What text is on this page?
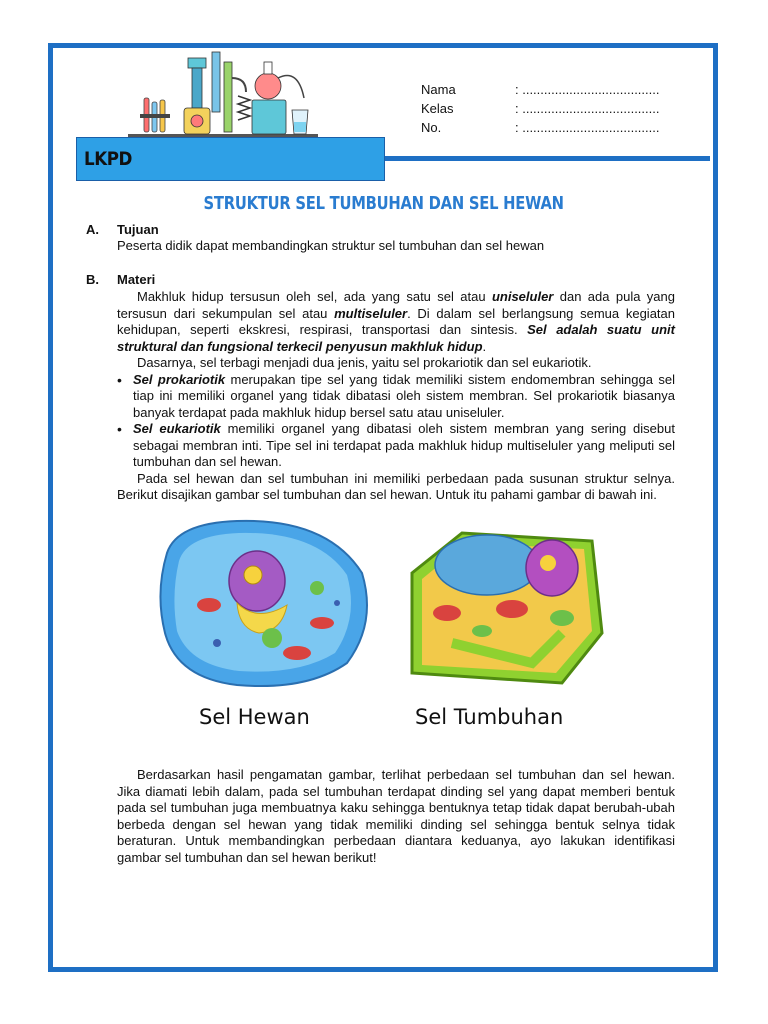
Nama	: ......................................
Kelas	: ......................................
No.	: ......................................
LKPD
STRUKTUR SEL TUMBUHAN DAN SEL HEWAN
A.	Tujuan

Peserta didik dapat membandingkan struktur sel tumbuhan dan sel hewan

B.	Materi

Makhluk hidup tersusun oleh sel, ada yang satu sel atau uniseluler dan ada pula yang tersusun dari sekumpulan sel atau multiseluler. Di dalam sel berlangsung semua kegiatan kehidupan, seperti ekskresi, respirasi, transportasi dan sintesis. Sel adalah suatu unit struktural dan fungsional terkecil penyusun makhluk hidup.

Dasarnya, sel terbagi menjadi dua jenis, yaitu sel prokariotik dan sel eukariotik.

• Sel prokariotik merupakan tipe sel yang tidak memiliki sistem endomembran sehingga sel tiap ini memiliki organel yang tidak dibatasi oleh sistem membran. Sel prokariotik biasanya banyak terdapat pada makhluk hidup bersel satu atau uniseluler.
• Sel eukariotik memiliki organel yang dibatasi oleh sistem membran yang sering disebut sebagai membran inti. Tipe sel ini terdapat pada makhluk hidup multiseluler yang meliputi sel tumbuhan dan sel hewan.

Pada sel hewan dan sel tumbuhan ini memiliki perbedaan pada susunan struktur selnya. Berikut disajikan gambar sel tumbuhan dan sel hewan. Untuk itu pahami gambar di bawah ini.

Sel Hewan	Sel Tumbuhan

Berdasarkan hasil pengamatan gambar, terlihat perbedaan sel tumbuhan dan sel hewan. Jika diamati lebih dalam, pada sel tumbuhan terdapat dinding sel yang dapat memberi bentuk pada sel tumbuhan juga membuatnya kaku sehingga bentuknya tetap tidak dapat berubah-ubah berbeda dengan sel hewan yang tidak memiliki dinding sel sehingga bentuk selnya tidak beraturan. Untuk membandingkan perbedaan diantara keduanya, ayo lakukan identifikasi gambar sel tumbuhan dan sel hewan berikut!
